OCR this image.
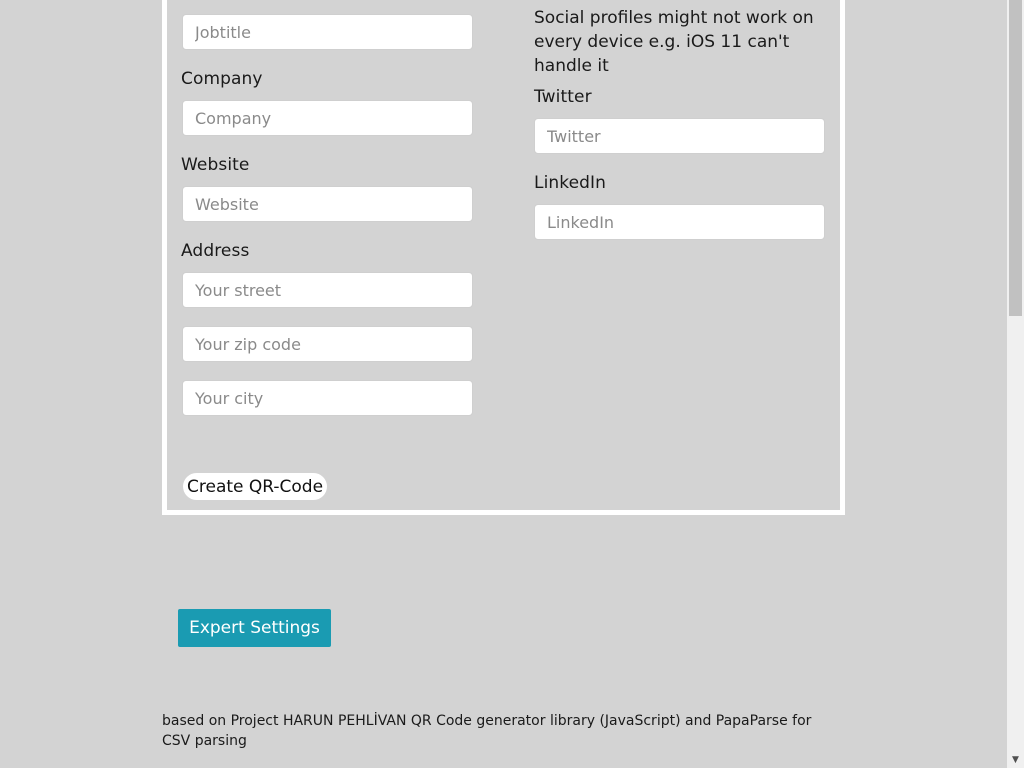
Jobtitle
Company
Company
Website
Website
Address
Your street
Your zip code
Your city
Social profiles might not work on every device e.g. iOS 11 can't handle it
Twitter
Twitter
LinkedIn
LinkedIn
Create QR-Code
Expert Settings
based on Project HARUN PEHLİVAN QR Code generator library (JavaScript) and PapaParse for CSV parsing
▼
